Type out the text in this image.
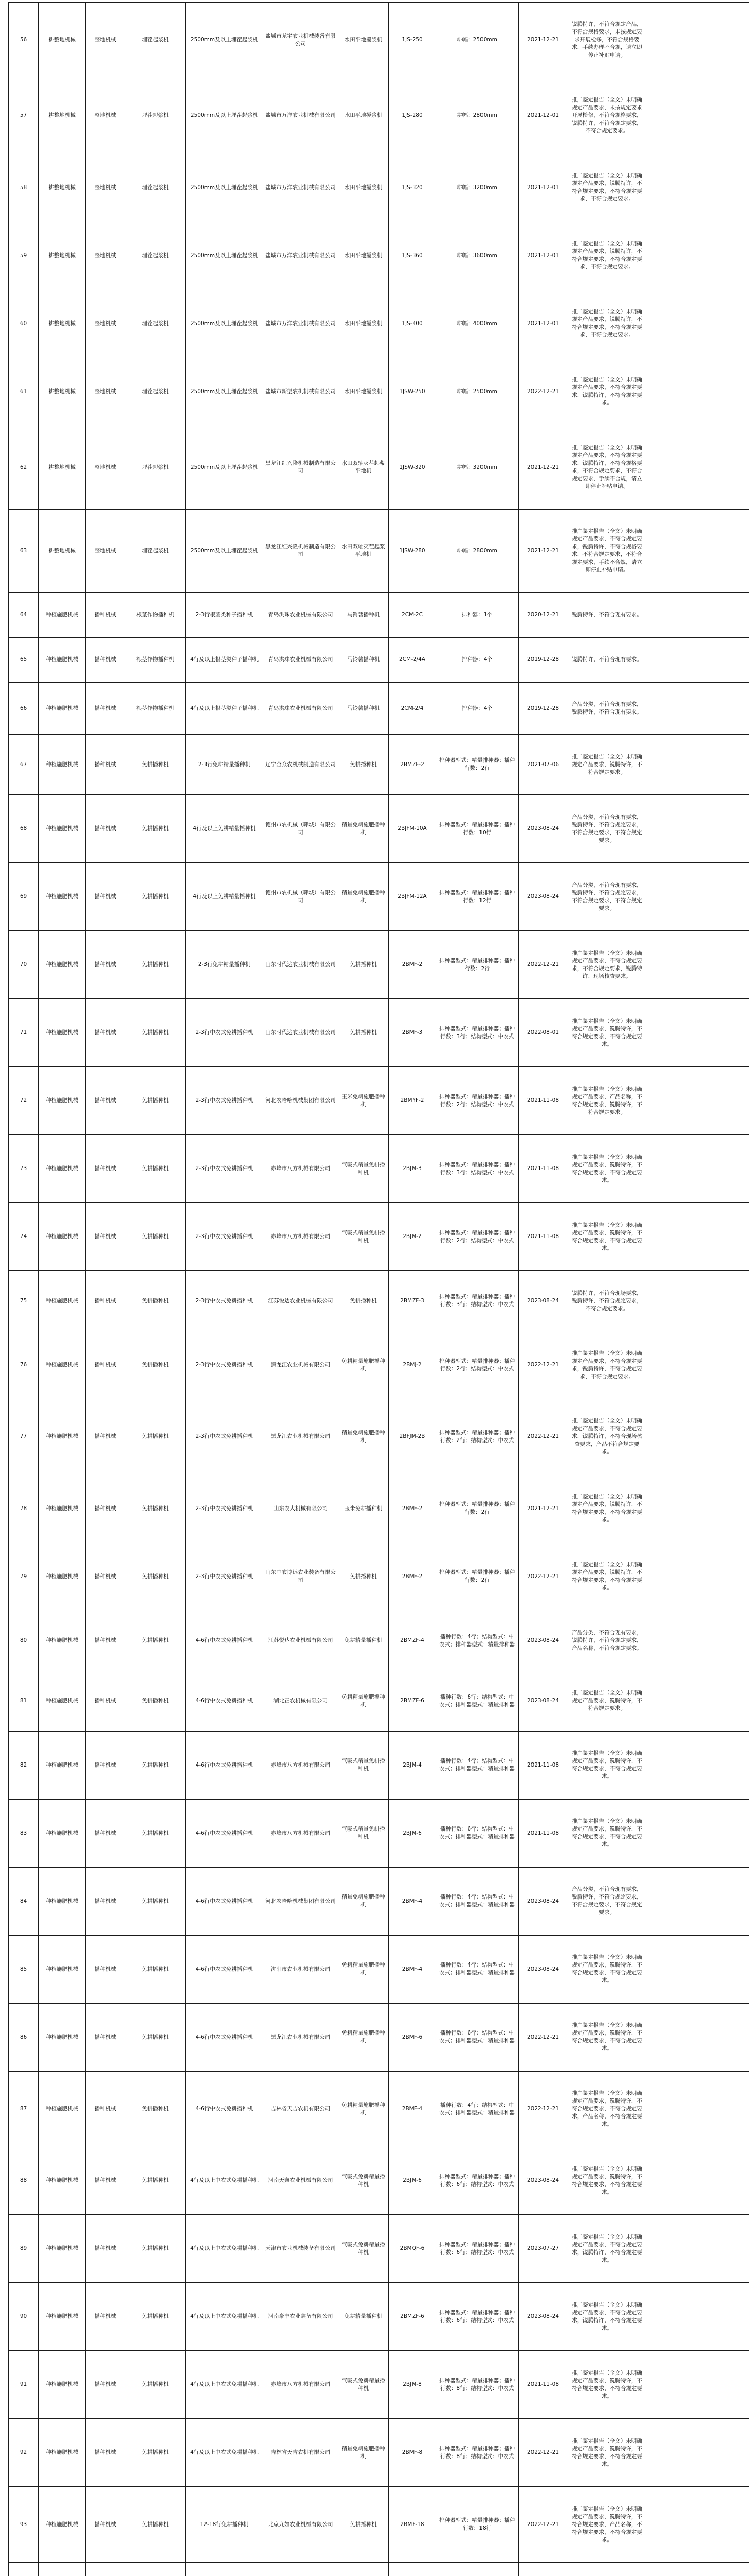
56	耕整地机械	整地机械	埋茬起浆机	2500mm及以上埋茬起浆机	盐城市龙宇农业机械装备有限公司	水田平地搅浆机	1JS-250	耕幅：2500mm	2021-12-21	锐腾特许，不符合规定产品，不符合规格要求，未按规定要求开展检修，不符合规格要求，手续办理不合规，请立即停止补贴申请。	
57	耕整地机械	整地机械	埋茬起浆机	2500mm及以上埋茬起浆机	盐城市万洋农业机械有限公司	水田平地搅浆机	1JS-280	耕幅：2800mm	2021-12-01	推广鉴定报告（全文）未明确规定产品要求，未按规定要求开展检修，不符合规格要求，锐腾特许，不符合规定要求，不符合规定要求。	
58	耕整地机械	整地机械	埋茬起浆机	2500mm及以上埋茬起浆机	盐城市万洋农业机械有限公司	水田平地搅浆机	1JS-320	耕幅：3200mm	2021-12-01	推广鉴定报告（全文）未明确规定产品要求，锐腾特许，不符合规定要求，不符合规定要求，不符合规定要求。	
59	耕整地机械	整地机械	埋茬起浆机	2500mm及以上埋茬起浆机	盐城市万洋农业机械有限公司	水田平地搅浆机	1JS-360	耕幅：3600mm	2021-12-01	推广鉴定报告（全文）未明确规定产品要求，锐腾特许，不符合规定要求，不符合规定要求，不符合规定要求。	
60	耕整地机械	整地机械	埋茬起浆机	2500mm及以上埋茬起浆机	盐城市万洋农业机械有限公司	水田平地搅浆机	1JS-400	耕幅：4000mm	2021-12-01	推广鉴定报告（全文）未明确规定产品要求，锐腾特许，不符合规定要求，不符合规定要求，不符合规定要求。	
61	耕整地机械	整地机械	埋茬起浆机	2500mm及以上埋茬起浆机	盐城市新望农机机械有限公司	水田平地搅浆机	1JSW-250	耕幅：2500mm	2022-12-21	推广鉴定报告（全文）未明确规定产品要求，不符合规定要求，锐腾特许，不符合规定要求。	
62	耕整地机械	整地机械	埋茬起浆机	2500mm及以上埋茬起浆机	黑龙江红兴隆机械制造有限公司	水田双轴灭茬起浆平地机	1JSW-320	耕幅：3200mm	2021-12-21	推广鉴定报告（全文）未明确规定产品要求，不符合规定要求，锐腾特许，不符合规格要求，不符合规定要求，不符合规定要求，手续不合规，请立即停止补贴申请。	
63	耕整地机械	整地机械	埋茬起浆机	2500mm及以上埋茬起浆机	黑龙江红兴隆机械制造有限公司	水田双轴灭茬起浆平地机	1JSW-280	耕幅：2800mm	2021-12-21	推广鉴定报告（全文）未明确规定产品要求，不符合规定要求，锐腾特许，不符合规格要求，不符合规定要求，不符合规定要求，手续不合规，请立即停止补贴申请。	
64	种植施肥机械	播种机械	根茎作物播种机	2-3行根茎类种子播种机	青岛洪珠农业机械有限公司	马铃薯播种机	2CM-2C	排种器：1个	2020-12-21	锐腾特许，不符合现有要求。	
65	种植施肥机械	播种机械	根茎作物播种机	4行及以上根茎类种子播种机	青岛洪珠农业机械有限公司	马铃薯播种机	2CM-2/4A	排种器：4个	2019-12-28	锐腾特许，不符合现有要求。	
66	种植施肥机械	播种机械	根茎作物播种机	4行及以上根茎类种子播种机	青岛洪珠农业机械有限公司	马铃薯播种机	2CM-2/4	排种器：4个	2019-12-28	产品分类，不符合现有要求，锐腾特许，不符合现有要求。	
67	种植施肥机械	播种机械	免耕播种机	2-3行免耕精量播种机	辽宁金众农机械制造有限公司	免耕播种机	2BMZF-2	排种器型式：精量排种器；播种行数：2行	2021-07-06	推广鉴定报告（全文）未明确规定产品要求，锐腾特许，不符合规定要求。	
68	种植施肥机械	播种机械	免耕播种机	4行及以上免耕精量播种机	德州市农机械（郓城）有限公司	精量免耕施肥播种机	2BJFM-10A	排种器型式：精量排种器；播种行数：10行	2023-08-24	产品分类，不符合现有要求，锐腾特许，不符合规定要求，不符合规定要求，不符合规定要求。	
69	种植施肥机械	播种机械	免耕播种机	4行及以上免耕精量播种机	德州市农机械（郓城）有限公司	精量免耕施肥播种机	2BJFM-12A	排种器型式：精量排种器；播种行数：12行	2023-08-24	产品分类，不符合现有要求，锐腾特许，不符合规定要求，不符合规定要求，不符合规定要求。	
70	种植施肥机械	播种机械	免耕播种机	2-3行免耕精量播种机	山东时代达农业机械有限公司	免耕播种机	2BMF-2	排种器型式：精量排种器；播种行数：2行	2022-12-21	推广鉴定报告（全文）未明确规定产品要求，不符合规定要求，不符合规定要求，锐腾特许，现场核查要求。	
71	种植施肥机械	播种机械	免耕播种机	2-3行中农式免耕播种机	山东时代达农业机械有限公司	免耕播种机	2BMF-3	排种器型式：精量排种器；播种行数：3行；结构型式：中农式	2022-08-01	推广鉴定报告（全文）未明确规定产品要求，锐腾特许，不符合规定要求，不符合规定要求。	
72	种植施肥机械	播种机械	免耕播种机	2-3行中农式免耕播种机	河北农哈哈机械集团有限公司	玉米免耕施肥播种机	2BMYF-2	排种器型式：精量排种器；播种行数：2行；结构型式：中农式	2021-11-08	推广鉴定报告（全文）未明确规定产品要求，产品名称，不符合规定要求，锐腾特许，不符合规定要求。	
73	种植施肥机械	播种机械	免耕播种机	2-3行中农式免耕播种机	赤峰市八方机械有限公司	气吸式精量免耕播种机	2BJM-3	排种器型式：精量排种器；播种行数：3行；结构型式：中农式	2021-11-08	推广鉴定报告（全文）未明确规定产品要求，锐腾特许，不符合规定要求，不符合规定要求。	
74	种植施肥机械	播种机械	免耕播种机	2-3行中农式免耕播种机	赤峰市八方机械有限公司	气吸式精量免耕播种机	2BJM-2	排种器型式：精量排种器；播种行数：2行；结构型式：中农式	2021-11-08	推广鉴定报告（全文）未明确规定产品要求，锐腾特许，不符合规定要求，不符合规定要求。	
75	种植施肥机械	播种机械	免耕播种机	2-3行中农式免耕播种机	江苏悦达农业机械有限公司	免耕播种机	2BMZF-3	排种器型式：精量排种器；播种行数：3行；结构型式：中农式	2023-08-24	锐腾特许，不符合现场要求，锐腾特许，不符合规定要求，不符合规定要求。	
76	种植施肥机械	播种机械	免耕播种机	2-3行中农式免耕播种机	黑龙江农业机械有限公司	免耕精量施肥播种机	2BMJ-2	排种器型式：精量排种器；播种行数：2行；结构型式：中农式	2022-12-21	推广鉴定报告（全文）未明确规定产品要求，不符合规定要求，锐腾特许，不符合规定要求，不符合规定要求。	
77	种植施肥机械	播种机械	免耕播种机	2-3行中农式免耕播种机	黑龙江农业机械有限公司	精量免耕施肥播种机	2BFJM-2B	排种器型式：精量排种器；播种行数：2行；结构型式：中农式	2022-12-21	推广鉴定报告（全文）未明确规定产品要求，不符合规定要求，锐腾特许，不符合现场核查要求，产品不符合规定要求。	
78	种植施肥机械	播种机械	免耕播种机	2-3行中农式免耕播种机	山东农大机械有限公司	玉米免耕播种机	2BMF-2	排种器型式：精量排种器；播种行数：2行	2021-12-21	推广鉴定报告（全文）未明确规定产品要求，锐腾特许，不符合规定要求，不符合规定要求。	
79	种植施肥机械	播种机械	免耕播种机	2-3行中农式免耕播种机	山东中农博远农业装备有限公司	免耕播种机	2BMF-2	排种器型式：精量排种器；播种行数：2行	2022-12-21	推广鉴定报告（全文）未明确规定产品要求，锐腾特许，不符合规定要求，不符合规定要求。	
80	种植施肥机械	播种机械	免耕播种机	4-6行中农式免耕播种机	江苏悦达农业机械有限公司	免耕精量播种机	2BMZF-4	播种行数：4行；结构型式：中农式；排种器型式：精量排种器	2023-08-24	产品分类，不符合现有要求，锐腾特许，不符合规定要求，产品名称，不符合规定要求。	
81	种植施肥机械	播种机械	免耕播种机	4-6行中农式免耕播种机	湖北正农机械有限公司	免耕精量施肥播种机	2BMZF-6	播种行数：6行；结构型式：中农式；排种器型式：精量排种器	2023-08-24	推广鉴定报告（全文）未明确规定产品要求，锐腾特许，不符合规定要求。	
82	种植施肥机械	播种机械	免耕播种机	4-6行中农式免耕播种机	赤峰市八方机械有限公司	气吸式精量免耕播种机	2BJM-4	播种行数：4行；结构型式：中农式；排种器型式：精量排种器	2021-11-08	推广鉴定报告（全文）未明确规定产品要求，锐腾特许，不符合规定要求，不符合规定要求。	
83	种植施肥机械	播种机械	免耕播种机	4-6行中农式免耕播种机	赤峰市八方机械有限公司	气吸式精量免耕播种机	2BJM-6	播种行数：6行；结构型式：中农式；排种器型式：精量排种器	2021-11-08	推广鉴定报告（全文）未明确规定产品要求，锐腾特许，不符合规定要求，不符合规定要求。	
84	种植施肥机械	播种机械	免耕播种机	4-6行中农式免耕播种机	河北农哈哈机械集团有限公司	精量免耕施肥播种机	2BMF-4	播种行数：4行；结构型式：中农式；排种器型式：精量排种器	2023-08-24	产品分类，不符合现有要求，锐腾特许，不符合规定要求，不符合规定要求，不符合规定要求。	
85	种植施肥机械	播种机械	免耕播种机	4-6行中农式免耕播种机	沈阳市农业机械有限公司	免耕精量施肥播种机	2BMF-4	播种行数：4行；结构型式：中农式；排种器型式：精量排种器	2023-08-24	推广鉴定报告（全文）未明确规定产品要求，锐腾特许，不符合规定要求，不符合规定要求。	
86	种植施肥机械	播种机械	免耕播种机	4-6行中农式免耕播种机	黑龙江农业机械有限公司	免耕精量施肥播种机	2BMF-6	播种行数：6行；结构型式：中农式；排种器型式：精量排种器	2022-12-21	推广鉴定报告（全文）未明确规定产品要求，锐腾特许，不符合规定要求，不符合规定要求。	
87	种植施肥机械	播种机械	免耕播种机	4-6行中农式免耕播种机	吉林省天吉农机有限公司	免耕精量施肥播种机	2BMF-4	播种行数：4行；结构型式：中农式；排种器型式：精量排种器	2022-12-21	推广鉴定报告（全文）未明确规定产品要求，锐腾特许，不符合规定要求，不符合规定要求，产品名称，不符合规定要求。	
88	种植施肥机械	播种机械	免耕播种机	4行及以上中农式免耕播种机	河南天鑫农业机械有限公司	气吸式免耕精量播种机	2BJM-6	排种器型式：精量排种器；播种行数：6行；结构型式：中农式	2023-08-24	推广鉴定报告（全文）未明确规定产品要求，锐腾特许，不符合规定要求，不符合规定要求。	
89	种植施肥机械	播种机械	免耕播种机	4行及以上中农式免耕播种机	天津市农业机械装备有限公司	气吸式免耕精量播种机	2BMQF-6	排种器型式：精量排种器；播种行数：6行；结构型式：中农式	2023-07-27	推广鉴定报告（全文）未明确规定产品要求，不符合规定要求，锐腾特许，不符合规定要求。	
90	种植施肥机械	播种机械	免耕播种机	4行及以上中农式免耕播种机	河南豪丰农业装备有限公司	免耕精量播种机	2BMZF-6	排种器型式：精量排种器；播种行数：6行；结构型式：中农式	2023-08-24	推广鉴定报告（全文）未明确规定产品要求，不符合规定要求，锐腾特许，不符合规定要求。	
91	种植施肥机械	播种机械	免耕播种机	4行及以上中农式免耕播种机	赤峰市八方机械有限公司	气吸式免耕精量播种机	2BJM-8	排种器型式：精量排种器；播种行数：8行；结构型式：中农式	2021-11-08	推广鉴定报告（全文）未明确规定产品要求，锐腾特许，不符合规定要求，不符合规定要求。	
92	种植施肥机械	播种机械	免耕播种机	4行及以上中农式免耕播种机	吉林省天吉农机有限公司	精量免耕施肥播种机	2BMF-8	排种器型式：精量排种器；播种行数：8行；结构型式：中农式	2022-12-21	推广鉴定报告（全文）未明确规定产品要求，锐腾特许，不符合规定要求，不符合规定要求。	
93	种植施肥机械	播种机械	免耕播种机	12-18行免耕播种机	北京九如农业机械有限公司	免耕播种机	2BMF-18	排种器型式：精量排种器；播种行数：18行	2022-12-21	推广鉴定报告（全文）未明确规定产品要求，锐腾特许，不符合规定要求，产品名称，不符合规定要求，不符合规定要求。	
